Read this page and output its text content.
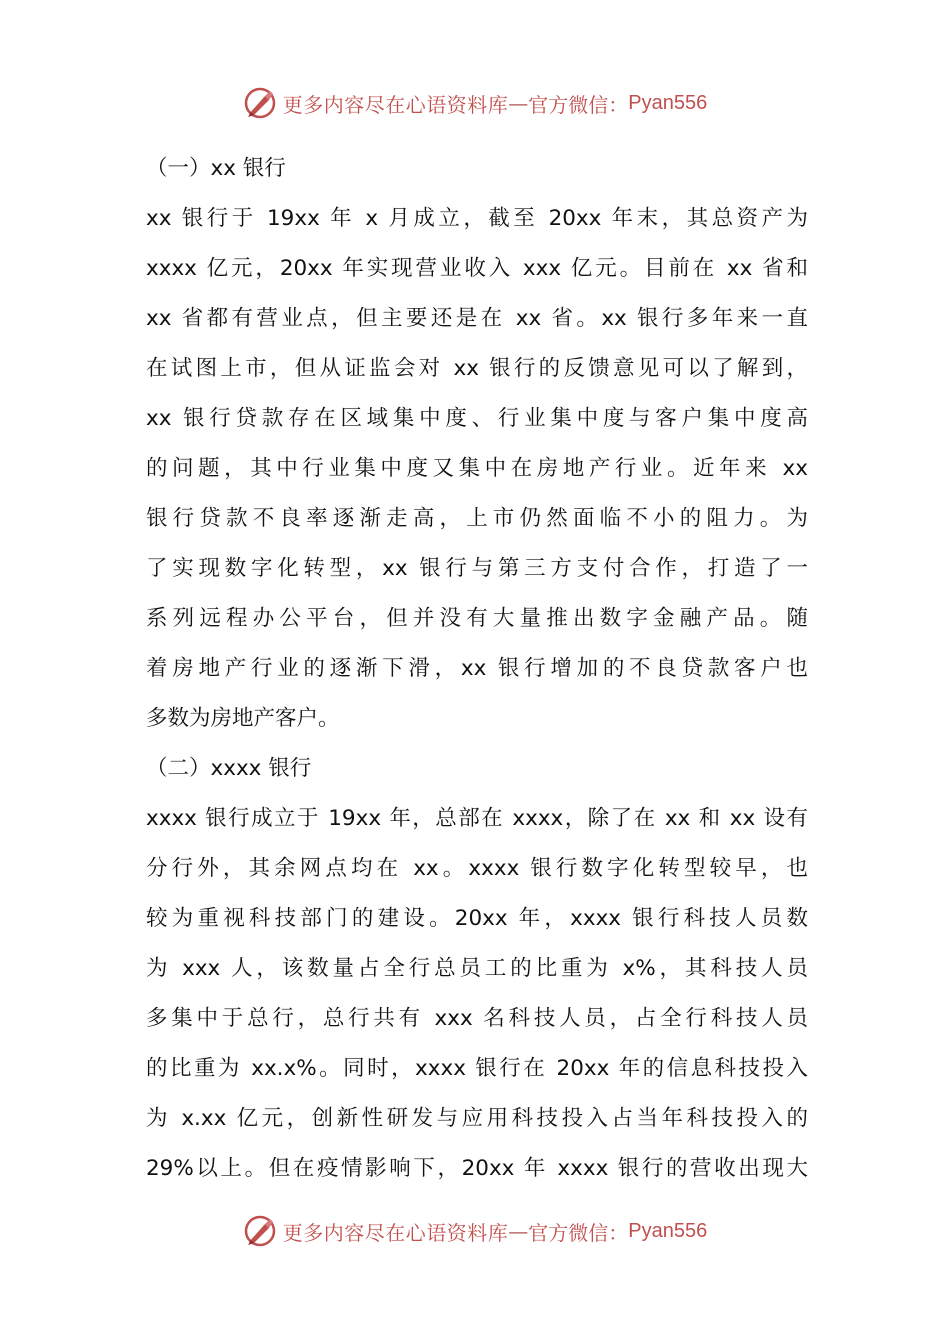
更多内容尽在心语资料库 — 官方微信： Pyan556
（一）xx 银行
xx 银行于 19xx 年 x 月成立，截至 20xx 年末，其总资产为
xxxx 亿元，20xx 年实现营业收入 xxx 亿元。目前在 xx 省和
xx 省都有营业点，但主要还是在 xx 省。xx 银行多年来一直
在试图上市，但从证监会对 xx 银行的反馈意见可以了解到，
xx 银行贷款存在区域集中度、行业集中度与客户集中度高
的问题，其中行业集中度又集中在房地产行业。近年来 xx
银行贷款不良率逐渐走高，上市仍然面临不小的阻力。为
了实现数字化转型，xx 银行与第三方支付合作，打造了一
系列远程办公平台，但并没有大量推出数字金融产品。随
着房地产行业的逐渐下滑，xx 银行增加的不良贷款客户也
多数为房地产客户。
（二）xxxx 银行
xxxx 银行成立于 19xx 年，总部在 xxxx，除了在 xx 和 xx 设有
分行外，其余网点均在 xx。xxxx 银行数字化转型较早，也
较为重视科技部门的建设。20xx 年，xxxx 银行科技人员数
为 xxx 人，该数量占全行总员工的比重为 x%，其科技人员
多集中于总行，总行共有 xxx 名科技人员，占全行科技人员
的比重为 xx.x%。同时，xxxx 银行在 20xx 年的信息科技投入
为 x.xx 亿元，创新性研发与应用科技投入占当年科技投入的
29%以上。但在疫情影响下，20xx 年 xxxx 银行的营收出现大
更多内容尽在心语资料库 — 官方微信： Pyan556
